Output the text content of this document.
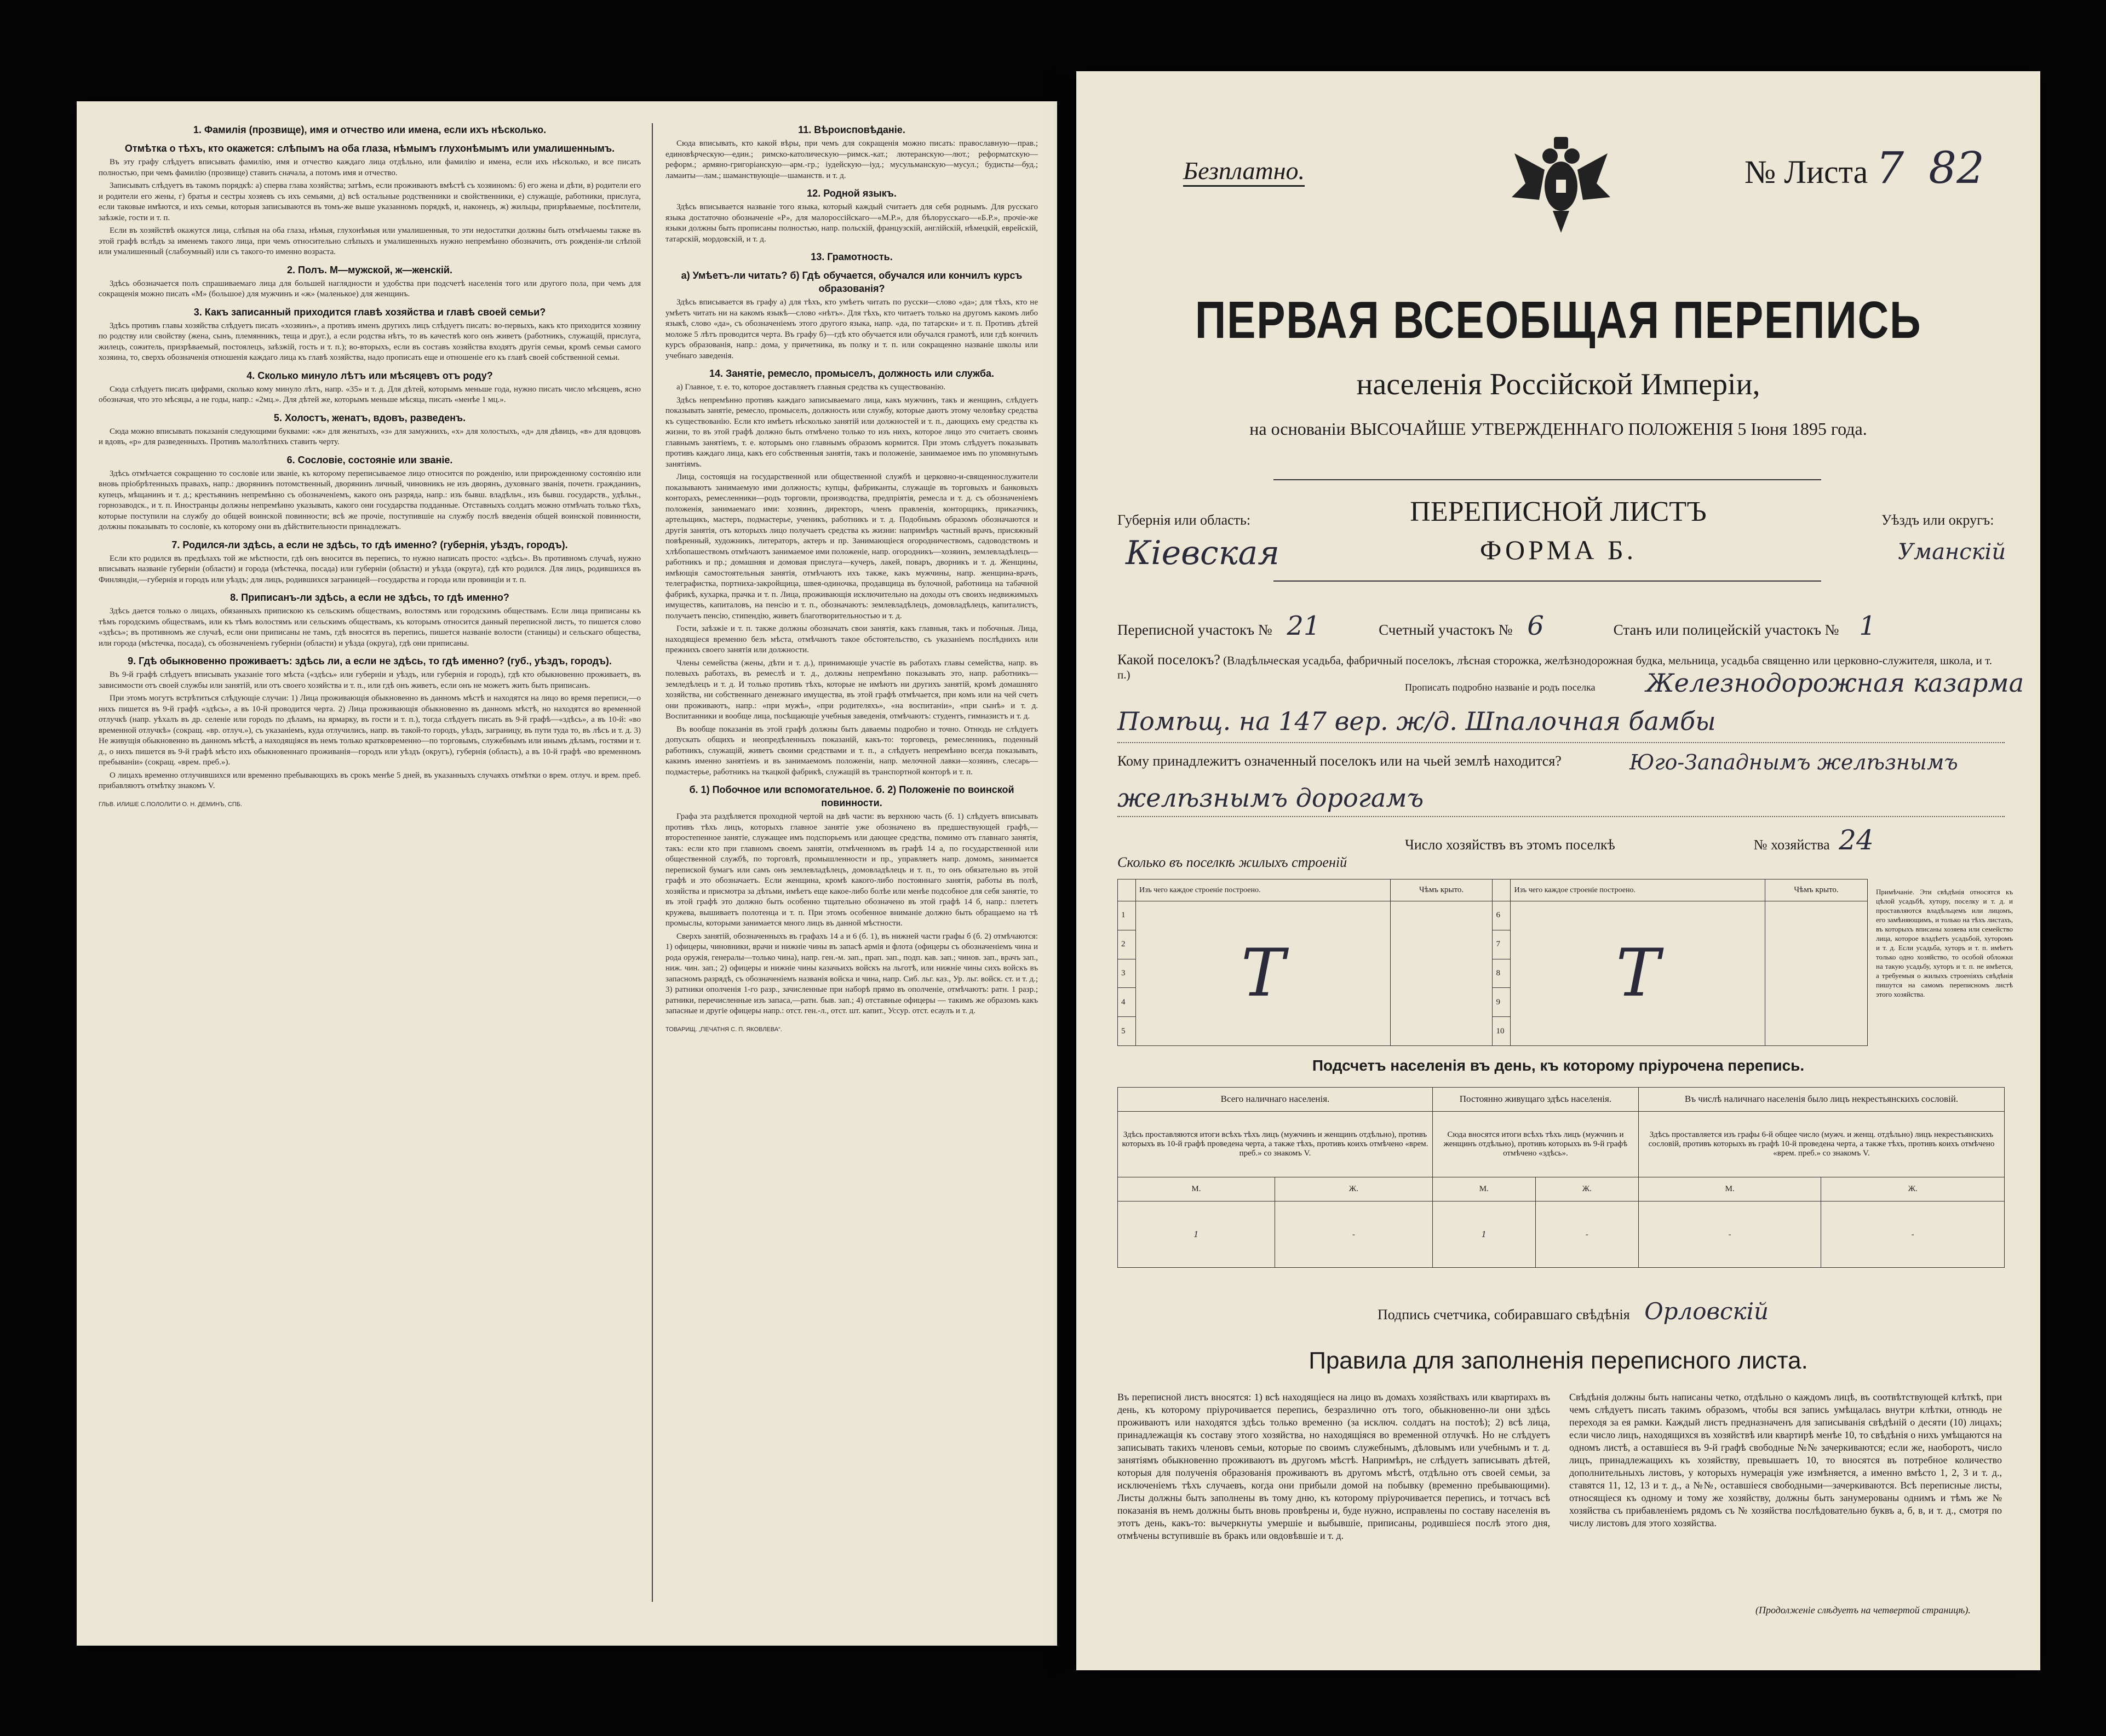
1. Фамилія (прозвище), имя и отчество или имена, если ихъ нѣсколько.
Отмѣтка о тѣхъ, кто окажется: слѣпымъ на оба глаза, нѣмымъ глухонѣмымъ или умалишеннымъ.

Въ эту графу слѣдуетъ вписывать фамилію, имя и отчество каждаго лица отдѣльно, или фамилію и имена, если ихъ нѣсколько, и все писать полностью, при чемъ фамилію (прозвище) ставить сначала, а потомъ имя и отчество.

Записывать слѣдуетъ въ такомъ порядкѣ: а) сперва глава хозяйства; затѣмъ, если проживаютъ вмѣстѣ съ хозяиномъ: б) его жена и дѣти, в) родители его и родители его жены, г) братья и сестры хозяевъ съ ихъ семьями, д) всѣ остальные родственники и свойственники, е) служащіе, работники, прислуга, если таковые имѣются, и ихъ семьи, которыя записываются въ томъ-же выше указанномъ порядкѣ, и, наконецъ, ж) жильцы, призрѣваемые, посѣтители, заѣзжіе, гости и т. п.

Если въ хозяйствѣ окажутся лица, слѣпыя на оба глаза, нѣмыя, глухонѣмыя или умалишенныя, то эти недостатки должны быть отмѣчаемы также въ этой графѣ вслѣдъ за именемъ такого лица, при чемъ относительно слѣпыхъ и умалишенныхъ нужно непремѣнно обозначить, отъ рожденія-ли слѣпой или умалишенный (слабоумный) или съ такого-то именно возраста.

2. Полъ. М—мужской, ж—женскій.

Здѣсь обозначается полъ спрашиваемаго лица для большей наглядности и удобства при подсчетѣ населенія того или другого пола, при чемъ для сокращенія можно писать «М» (большое) для мужчинъ и «ж» (маленькое) для женщинъ.

3. Какъ записанный приходится главѣ хозяйства и главѣ своей семьи?

Здѣсь противъ главы хозяйства слѣдуетъ писать «хозяинъ», а противъ именъ другихъ лицъ слѣдуетъ писать: во-первыхъ, какъ кто приходится хозяину по родству или свойству (жена, сынъ, племянникъ, теща и друг.), а если родства нѣтъ, то въ качествѣ кого онъ живетъ (работникъ, служащій, прислуга, жилецъ, сожитель, призрѣваемый, постоялецъ, заѣзжій, гость и т. п.); во-вторыхъ, если въ составъ хозяйства входятъ другія семьи, кромѣ семьи самого хозяина, то, сверхъ обозначенія отношенія каждаго лица къ главѣ хозяйства, надо прописать еще и отношеніе его къ главѣ своей собственной семьи.

4. Сколько минуло лѣтъ или мѣсяцевъ отъ роду?

Сюда слѣдуетъ писать цифрами, сколько кому минуло лѣтъ, напр. «35» и т. д. Для дѣтей, которымъ меньше года, нужно писать число мѣсяцевъ, ясно обозначая, что это мѣсяцы, а не годы, напр.: «2мц.». Для дѣтей же, которымъ меньше мѣсяца, писать «менѣе 1 мц.».

5. Холостъ, женатъ, вдовъ, разведенъ.

Сюда можно вписывать показанія следующими буквами: «ж» для женатыхъ, «з» для замужнихъ, «х» для холостыхъ, «д» для дѣвицъ, «в» для вдовцовъ и вдовъ, «р» для разведенныхъ. Противъ малолѣтнихъ ставить черту.

6. Сословіе, состояніе или званіе.

Здѣсь отмѣчается сокращенно то сословіе или званіе, къ которому переписываемое лицо относится по рожденію, или прирожденному состоянію или вновь пріобрѣтенныхъ правахъ, напр.: дворянинъ потомственный, дворянинъ личный, чиновникъ не изъ дворянъ, духовнаго званія, почетн. гражданинъ, купецъ, мѣщанинъ и т. д.; крестьянинъ непремѣнно съ обозначеніемъ, какого онъ разряда, напр.: изъ бывш. владѣльч., изъ бывш. государств., удѣльн., горнозаводск., и т. п. Иностранцы должны непремѣнно указывать, какого они государства подданные. Отставныхъ солдатъ можно отмѣчать только тѣхъ, которые поступили на службу до общей воинской повинности; всѣ же прочіе, поступившіе на службу послѣ введенія общей воинской повинности, должны показывать то сословіе, къ которому они въ дѣйствительности принадлежатъ.

7. Родился-ли здѣсь, а если не здѣсь, то гдѣ именно? (губернія, уѣздъ, городъ).

Если кто родился въ предѣлахъ той же мѣстности, гдѣ онъ вносится въ перепись, то нужно написать просто: «здѣсь». Въ противномъ случаѣ, нужно вписывать названіе губерніи (области) и города (мѣстечка, посада) или губерніи (области) и уѣзда (округа), гдѣ кто родился. Для лицъ, родившихся въ Финляндіи,—губернія и городъ или уѣздъ; для лицъ, родившихся заграницей—государства и города или провинціи и т. п.

8. Приписанъ-ли здѣсь, а если не здѣсь, то гдѣ именно?

Здѣсь дается только о лицахъ, обязанныхъ припискою къ сельскимъ обществамъ, волостямъ или городскимъ обществамъ. Если лица приписаны къ тѣмъ городскимъ обществамъ, или къ тѣмъ волостямъ или сельскимъ обществамъ, къ которымъ относится данный переписной листъ, то пишется слово «здѣсь»; въ противномъ же случаѣ, если они приписаны не тамъ, гдѣ вносятся въ перепись, пишется названіе волости (станицы) и сельскаго общества, или города (мѣстечка, посада), съ обозначеніемъ губерніи (области) и уѣзда (округа), гдѣ они приписаны.

9. Гдѣ обыкновенно проживаетъ: здѣсь ли, а если не здѣсь, то гдѣ именно? (губ., уѣздъ, городъ).

Въ 9-й графѣ слѣдуетъ вписывать указаніе того мѣста («здѣсь» или губерніи и уѣздъ, или губернія и городъ), гдѣ кто обыкновенно проживаетъ, въ зависимости отъ своей службы или занятій, или отъ своего хозяйства и т. п., или гдѣ онъ живетъ, если онъ не можетъ жить быть приписанъ.

При этомъ могутъ встрѣтиться слѣдующіе случаи: 1) Лица проживающія обыкновенно въ данномъ мѣстѣ и находятся на лицо во время переписи,—о нихъ пишется въ 9-й графѣ «здѣсь», а въ 10-й проводится черта. 2) Лица проживающія обыкновенно въ данномъ мѣстѣ, но находятся во временной отлучкѣ (напр. уѣхалъ въ др. селеніе или городъ по дѣламъ, на ярмарку, въ гости и т. п.), тогда слѣдуетъ писать въ 9-й графѣ—«здѣсь», а въ 10-й: «во временной отлучкѣ» (сокращ. «вр. отлуч.»), съ указаніемъ, куда отлучились, напр. въ такой-то городъ, уѣздъ, заграницу, въ пути туда то, въ лѣсъ и т. д. 3) Не живущія обыкновенно въ данномъ мѣстѣ, а находящіяся въ немъ только кратковременно—по торговымъ, служебнымъ или инымъ дѣламъ, гостями и т. д., о нихъ пишется въ 9-й графѣ мѣсто ихъ обыкновеннаго проживанія—городъ или уѣздъ (округъ), губернія (область), а въ 10-й графѣ «во временномъ пребываніи» (сокращ. «врем. преб.»).

О лицахъ временно отлучившихся или временно пребывающихъ въ срокъ менѣе 5 дней, въ указанныхъ случаяхъ отмѣтки о врем. отлуч. и врем. преб. прибавляютъ отмѣтку знакомъ V.

ГЛЬВ. ИЛИШЕ С.ПОЛОЛИТИ О. Н. ДЕМИНЪ, СПБ.
11. Вѣроисповѣданіе.

Сюда вписывать, кто какой вѣры, при чемъ для сокращенія можно писать: православную—прав.; единовѣрческую—един.; римско-католическую—римск.-кат.; лютеранскую—лют.; реформатскую—реформ.; армяно-григоріанскую—арм.-гр.; іудейскую—іуд.; мусульманскую—мусул.; будисты—буд.; ламаиты—лам.; шаманствующіе—шаманств. и т. д.

12. Родной языкъ.

Здѣсь вписывается названіе того языка, который каждый считаетъ для себя роднымъ. Для русскаго языка достаточно обозначеніе «Р», для малороссійскаго—«М.Р.», для бѣлорусскаго—«Б.Р.», прочіе-же языки должны быть прописаны полностью, напр. польскій, французскій, англійскій, нѣмецкій, еврейскій, татарскій, мордовскій, и т. д.

13. Грамотность.
а) Умѣетъ-ли читать? б) Гдѣ обучается, обучался или кончилъ курсъ образованія?

Здѣсь вписывается въ графу а) для тѣхъ, кто умѣетъ читать по русски—слово «да»; для тѣхъ, кто не умѣетъ читать ни на какомъ языкѣ—слово «нѣтъ». Для тѣхъ, кто читаетъ только на другомъ какомъ либо языкѣ, слово «да», съ обозначеніемъ этого другого языка, напр. «да, по татарски» и т. п. Противъ дѣтей моложе 5 лѣтъ проводится черта. Въ графу б)—гдѣ кто обучается или обучался грамотѣ, или гдѣ кончилъ курсъ образованія, напр.: дома, у причетника, въ полку и т. п. или сокращенно названіе школы или учебнаго заведенія.

14. Занятіе, ремесло, промыселъ, должность или служба.

а) Главное, т. е. то, которое доставляетъ главныя средства къ существованію.

Здѣсь непремѣнно противъ каждаго записываемаго лица, какъ мужчинъ, такъ и женщинъ, слѣдуетъ показывать занятіе, ремесло, промыселъ, должность или службу, которые даютъ этому человѣку средства къ существованію. Если кто имѣетъ нѣсколько занятій или должностей и т. п., дающихъ ему средства къ жизни, то въ этой графѣ должно быть отмѣчено только то изъ нихъ, которое лицо это считаетъ своимъ главнымъ занятіемъ, т. е. которымъ оно главнымъ образомъ кормится. При этомъ слѣдуетъ показывать противъ каждаго лица, какъ его собственныя занятія, такъ и положеніе, занимаемое имъ по упомянутымъ занятіямъ.

Лица, состоящія на государственной или общественной службѣ и церковно-и-священнослужители показываютъ занимаемую ими должность; купцы, фабриканты, служащіе въ торговыхъ и банковыхъ конторахъ, ремесленники—родъ торговли, производства, предпріятія, ремесла и т. д. съ обозначеніемъ положенія, занимаемаго ими: хозяинъ, директоръ, членъ правленія, конторщикъ, приказчикъ, артельщикъ, мастеръ, подмастерье, ученикъ, работникъ и т. д. Подобнымъ образомъ обозначаются и другія занятія, отъ которыхъ лицо получаетъ средства къ жизни: напримѣръ частный врачъ, присяжный повѣренный, художникъ, литераторъ, актеръ и пр. Занимающіеся огородничествомъ, садоводствомъ и хлѣбопашествомъ отмѣчаютъ занимаемое ими положеніе, напр. огородникъ—хозяинъ, землевладѣлецъ—работникъ и пр.; домашняя и домовая прислуга—кучеръ, лакей, поваръ, дворникъ и т. д. Женщины, имѣющія самостоятельныя занятія, отмѣчаютъ ихъ также, какъ мужчины, напр. женщина-врачъ, телеграфистка, портниха-закройщица, швея-одиночка, продавщица въ булочной, работница на табачной фабрикѣ, кухарка, прачка и т. п. Лица, проживающія исключительно на доходы отъ своихъ недвижимыхъ имуществъ, капиталовъ, на пенсію и т. п., обозначаютъ: землевладѣлецъ, домовладѣлецъ, капиталистъ, получаетъ пенсію, стипендію, живетъ благотворительностью и т. д.

Гости, заѣзжіе и т. п. также должны обозначать свои занятія, какъ главныя, такъ и побочныя. Лица, находящіеся временно безъ мѣста, отмѣчаютъ такое обстоятельство, съ указаніемъ послѣднихъ или прежнихъ своего занятія или должности.

Члены семейства (жены, дѣти и т. д.), принимающіе участіе въ работахъ главы семейства, напр. въ полевыхъ работахъ, въ ремеслѣ и т. д., должны непремѣнно показывать это, напр. работникъ—земледѣлецъ и т. д. И только противъ тѣхъ, которые не имѣютъ ни другихъ занятій, кромѣ домашняго хозяйства, ни собственнаго денежнаго имущества, въ этой графѣ отмѣчается, при комъ или на чей счетъ они проживаютъ, напр.: «при мужѣ», «при родителяхъ», «на воспитаніи», «при сынѣ» и т. д. Воспитанники и вообще лица, посѣщающіе учебныя заведенія, отмѣчаютъ: студентъ, гимназистъ и т. д.

Въ вообще показанія въ этой графѣ должны быть даваемы подробно и точно. Отнюдь не слѣдуетъ допускать общихъ и неопредѣленныхъ показаній, какъ-то: торговецъ, ремесленникъ, поденный работникъ, служащій, живетъ своими средствами и т. п., а слѣдуетъ непремѣнно всегда показывать, какимъ именно занятіемъ и въ занимаемомъ положеніи, напр. мелочной лавки—хозяинъ, слесарь—подмастерье, работникъ на ткацкой фабрикѣ, служащій въ транспортной конторѣ и т. п.

б. 1) Побочное или вспомогательное. б. 2) Положеніе по воинской повинности.

Графа эта раздѣляется проходной чертой на двѣ части: въ верхнюю часть (б. 1) слѣдуетъ вписывать противъ тѣхъ лицъ, которыхъ главное занятіе уже обозначено въ предшествующей графѣ,—второстепенное занятіе, служащее имъ подспорьемъ или дающее средства, помимо отъ главнаго занятія, такъ: если кто при главномъ своемъ занятіи, отмѣченномъ въ графѣ 14 а, по государственной или общественной службѣ, по торговлѣ, промышленности и пр., управляетъ напр. домомъ, занимается перепиской бумагъ или самъ онъ землевладѣлецъ, домовладѣлецъ и т. п., то онъ обязательно въ этой графѣ и это обозначаетъ. Если женщина, кромѣ какого-либо постояннаго занятія, работы въ полѣ, хозяйства и присмотра за дѣтьми, имѣетъ еще какое-либо болѣе или менѣе подсобное для себя занятіе, то въ этой графѣ это должно быть особенно тщательно обозначено въ этой графѣ 14 б, напр.: плететъ кружева, вышиваетъ полотенца и т. п. При этомъ особенное вниманіе должно быть обращаемо на тѣ промыслы, которыми занимается много лицъ въ данной мѣстности.

Сверхъ занятій, обозначенныхъ въ графахъ 14 а и 6 (б. 1), въ нижней части графы б (б. 2) отмѣчаются: 1) офицеры, чиновники, врачи и нижніе чины въ запасѣ армія и флота (офицеры съ обозначеніемъ чина и рода оружія, генералы—только чина), напр. ген.-м. зап., прап. зап., подп. кав. зап.; чинов. зап., врачъ зап., ниж. чин. зап.; 2) офицеры и нижніе чины казачьихъ войскъ на льготѣ, или нижніе чины сихъ войскъ въ запасномъ разрядѣ, съ обозначеніемъ названія войска и чина, напр. Сиб. льг. каз., Ур. льг. войск. ст. и т. д.; 3) ратники ополченія 1-го разр., зачисленные при наборѣ прямо въ ополченіе, отмѣчаютъ: ратн. 1 разр.; ратники, перечисленные изъ запаса,—ратн. быв. зап.; 4) отставные офицеры — такимъ же образомъ какъ запасные и другіе офицеры напр.: отст. ген.-л., отст. шт. капит., Уссур. отст. есаулъ и т. д.

ТОВАРИЩ. „ПЕЧАТНЯ С. П. ЯКОВЛЕВА“.
Безплатно.	№ Листа 7 82
ПЕРВАЯ ВСЕОБЩАЯ ПЕРЕПИСЬ
населенія Россійской Имперіи,
на основаніи ВЫСОЧАЙШЕ УТВЕРЖДЕННАГО ПОЛОЖЕНІЯ 5 Іюня 1895 года.
Губернія или область:
Кіевская
ПЕРЕПИСНОЙ ЛИСТЪ
ФОРМА Б.
Уѣздъ или округъ:
Уманскій
Переписной участокъ № 21	Счетный участокъ № 6	Станъ или полицейскій участокъ № 1
Какой поселокъ? (Владѣльческая усадьба, фабричный поселокъ, лѣсная сторожка, желѣзнодорожная будка, мельница, усадьба священно или церковно-служителя, школа, и т. п.)
Прописать подробно названіе и родъ поселка Железнодорожная казарма
Помѣщ. на 147 вер. ж/д. Шпалочная бамбы
Кому принадлежитъ означенный поселокъ или на чьей землѣ находится?	Юго-Западнымъ желѣзнымъ
желѣзнымъ дорогамъ
Число хозяйствъ въ этомъ поселкѣ	№ хозяйства 24
Сколько въ поселкѣ жилыхъ строеній
	Изъ чего каждое строеніе построено.	Чѣмъ крыто.		Изъ чего каждое строеніе построено.	Чѣмъ крыто.
1	Т		6	Т	
2			7		
3			8		
4			9		
5			10		
Примѣчаніе. Эти свѣдѣнія относятся къ цѣлой усадьбѣ, хутору, поселку и т. д. и проставляются владѣльцемъ или лицомъ, его замѣняющимъ, и только на тѣхъ листахъ, въ которыхъ вписаны хозяева или семейство лица, которое владѣетъ усадьбой, хуторомъ и т. д. Если усадьба, хуторъ и т. п. имѣетъ только одно хозяйство, то особой обложки на такую усадьбу, хуторъ и т. п. не имѣется, а требуемыя о жилыхъ строеніяхъ свѣдѣнія пишутся на самомъ переписномъ листѣ этого хозяйства.
Подсчетъ населенія въ день, къ которому пріурочена перепись.
Всего наличнаго населенія.		Постоянно живущаго здѣсь населенія.		Въ числѣ наличнаго населенія было лицъ некрестьянскихъ сословій.	
Здѣсь проставляются итоги всѣхъ тѣхъ лицъ (мужчинъ и женщинъ отдѣльно), противъ которыхъ въ 10-й графѣ проведена черта, а также тѣхъ, противъ коихъ отмѣчено «врем. преб.» со знакомъ V.		Сюда вносятся итоги всѣхъ тѣхъ лицъ (мужчинъ и женщинъ отдѣльно), противъ которыхъ въ 9-й графѣ отмѣчено «здѣсь».		Здѣсь проставляется изъ графы 6-й общее число (мужч. и женщ. отдѣльно) лицъ некрестьянскихъ сословій, противъ которыхъ въ графѣ 10-й проведена черта, а также тѣхъ, противъ коихъ отмѣчено «врем. преб.» со знакомъ V.	
М.	Ж.	М.	Ж.	М.	Ж.
1	-	1	-	-	-
Подпись счетчика, собиравшаго свѣдѣнія Орловскій
Правила для заполненія переписного листа.
Въ переписной листъ вносятся: 1) всѣ находящіеся на лицо въ домахъ хозяйствахъ или квартирахъ въ день, къ которому пріурочивается перепись, безразлично отъ того, обыкновенно-ли они здѣсь проживаютъ или находятся здѣсь только временно (за исключ. солдатъ на постоѣ); 2) всѣ лица, принадлежащія къ составу этого хозяйства, но находящіяся во временной отлучкѣ. Но не слѣдуетъ записывать такихъ членовъ семьи, которые по своимъ служебнымъ, дѣловымъ или учебнымъ и т. д. занятіямъ обыкновенно проживаютъ въ другомъ мѣстѣ. Напримѣръ, не слѣдуетъ записывать дѣтей, которыя для полученія образованія проживаютъ въ другомъ мѣстѣ, отдѣльно отъ своей семьи, за исключеніемъ тѣхъ случаевъ, когда они прибыли домой на побывку (временно пребывающими). Листы должны быть заполнены въ тому дню, къ которому пріурочивается перепись, и тотчасъ всѣ показанія въ немъ должны быть вновь провѣрены и, буде нужно, исправлены по составу населенія въ этотъ день, какъ-то: вычеркнуты умершіе и выбывшіе, приписаны, родившіеся послѣ этого дня, отмѣчены вступившіе въ бракъ или овдовѣвшіе и т. д.
Свѣдѣнія должны быть написаны четко, отдѣльно о каждомъ лицѣ, въ соотвѣтствующей клѣткѣ, при чемъ слѣдуетъ писать такимъ образомъ, чтобы вся запись умѣщалась внутри клѣтки, отнюдь не переходя за ея рамки. Каждый листъ предназначенъ для записыванія свѣдѣній о десяти (10) лицахъ; если число лицъ, находящихся въ хозяйствѣ или квартирѣ менѣе 10, то свѣдѣнія о нихъ умѣщаются на одномъ листѣ, а оставшіеся въ 9-й графѣ свободные №№ зачеркиваются; если же, наоборотъ, число лицъ, принадлежащихъ къ хозяйству, превышаетъ 10, то вносятся въ потребное количество дополнительныхъ листовъ, у которыхъ нумерація уже измѣняется, а именно вмѣсто 1, 2, 3 и т. д., ставятся 11, 12, 13 и т. д., а №№, оставшіеся свободными—зачеркиваются. Всѣ переписные листы, относящіеся къ одному и тому же хозяйству, должны быть занумерованы однимъ и тѣмъ же № хозяйства съ прибавленіемъ рядомъ съ № хозяйства послѣдовательно буквъ а, б, в, и т. д., смотря по числу листовъ для этого хозяйства.
(Продолженіе слѣдуетъ на четвертой страницѣ).
